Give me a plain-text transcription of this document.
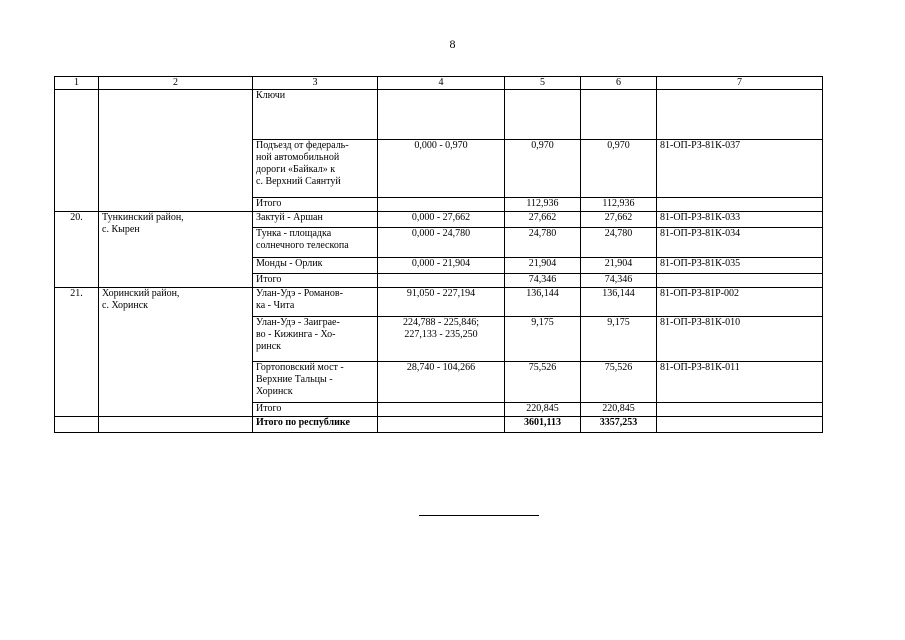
8
1	2	3	4	5	6	7
		Ключи				
		Подъезд от федераль-
ной автомобильной
дороги «Байкал» к
с. Верхний Саянтуй	0,000 - 0,970	0,970	0,970	81-ОП-РЗ-81К-037
		Итого		112,936	112,936	
20.	Тункинский район,
с. Кырен	Зактуй - Аршан	0,000 - 27,662	27,662	27,662	81-ОП-РЗ-81К-033
		Тунка - площадка
солнечного телескопа	0,000 - 24,780	24,780	24,780	81-ОП-РЗ-81К-034
		Монды - Орлик	0,000 - 21,904	21,904	21,904	81-ОП-РЗ-81К-035
		Итого		74,346	74,346	
21.	Хоринский район,
с. Хоринск	Улан-Удэ - Романов-
ка - Чита	91,050 - 227,194	136,144	136,144	81-ОП-РЗ-81Р-002
		Улан-Удэ - Заиграе-
во - Кижинга - Хо-
ринск	224,788 - 225,846;
227,133 - 235,250	9,175	9,175	81-ОП-РЗ-81К-010
		Гортоповский мост -
Верхние Тальцы -
Хоринск	28,740 - 104,266	75,526	75,526	81-ОП-РЗ-81К-011
		Итого		220,845	220,845	
		Итого по республике		3601,113	3357,253	
